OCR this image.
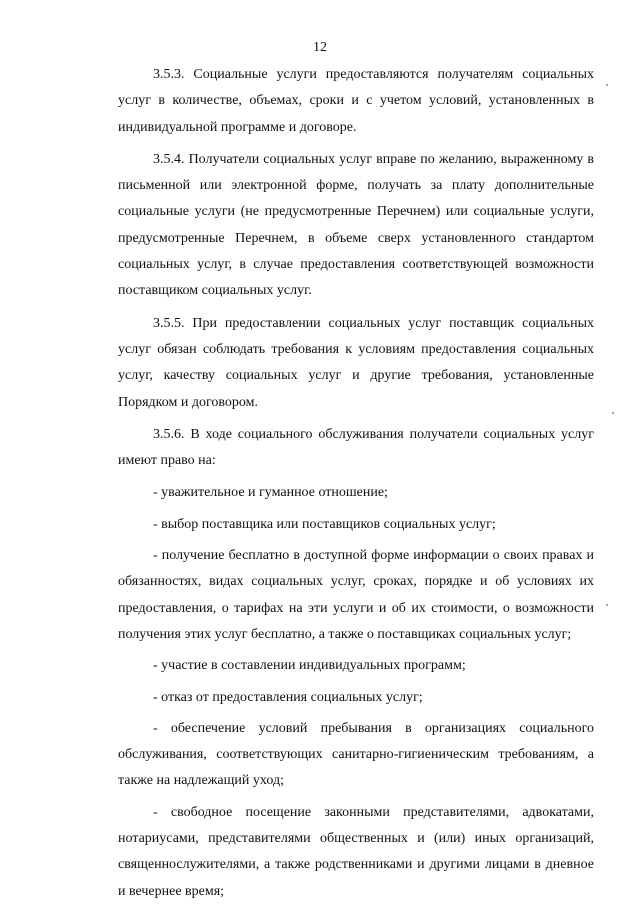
12

3.5.3. Социальные услуги предоставляются получателям социальных услуг в количестве, объемах, сроки и с учетом условий, установленных в индивидуальной программе и договоре.

3.5.4. Получатели социальных услуг вправе по желанию, выраженному в письменной или электронной форме, получать за плату дополнительные социальные услуги (не предусмотренные Перечнем) или социальные услуги, предусмотренные Перечнем, в объеме сверх установленного стандартом социальных услуг, в случае предоставления соответствующей возможности поставщиком социальных услуг.

3.5.5. При предоставлении социальных услуг поставщик социальных услуг обязан соблюдать требования к условиям предоставления социальных услуг, качеству социальных услуг и другие требования, установленные Порядком и договором.

3.5.6. В ходе социального обслуживания получатели социальных услуг имеют право на:

- уважительное и гуманное отношение;

- выбор поставщика или поставщиков социальных услуг;

- получение бесплатно в доступной форме информации о своих правах и обязанностях, видах социальных услуг, сроках, порядке и об условиях их предоставления, о тарифах на эти услуги и об их стоимости, о возможности получения этих услуг бесплатно, а также о поставщиках социальных услуг;

- участие в составлении индивидуальных программ;

- отказ от предоставления социальных услуг;

- обеспечение условий пребывания в организациях социального обслуживания, соответствующих санитарно-гигиеническим требованиям, а также на надлежащий уход;

- свободное посещение законными представителями, адвокатами, нотариусами, представителями общественных и (или) иных организаций, священнослужителями, а также родственниками и другими лицами в дневное и вечернее время;
